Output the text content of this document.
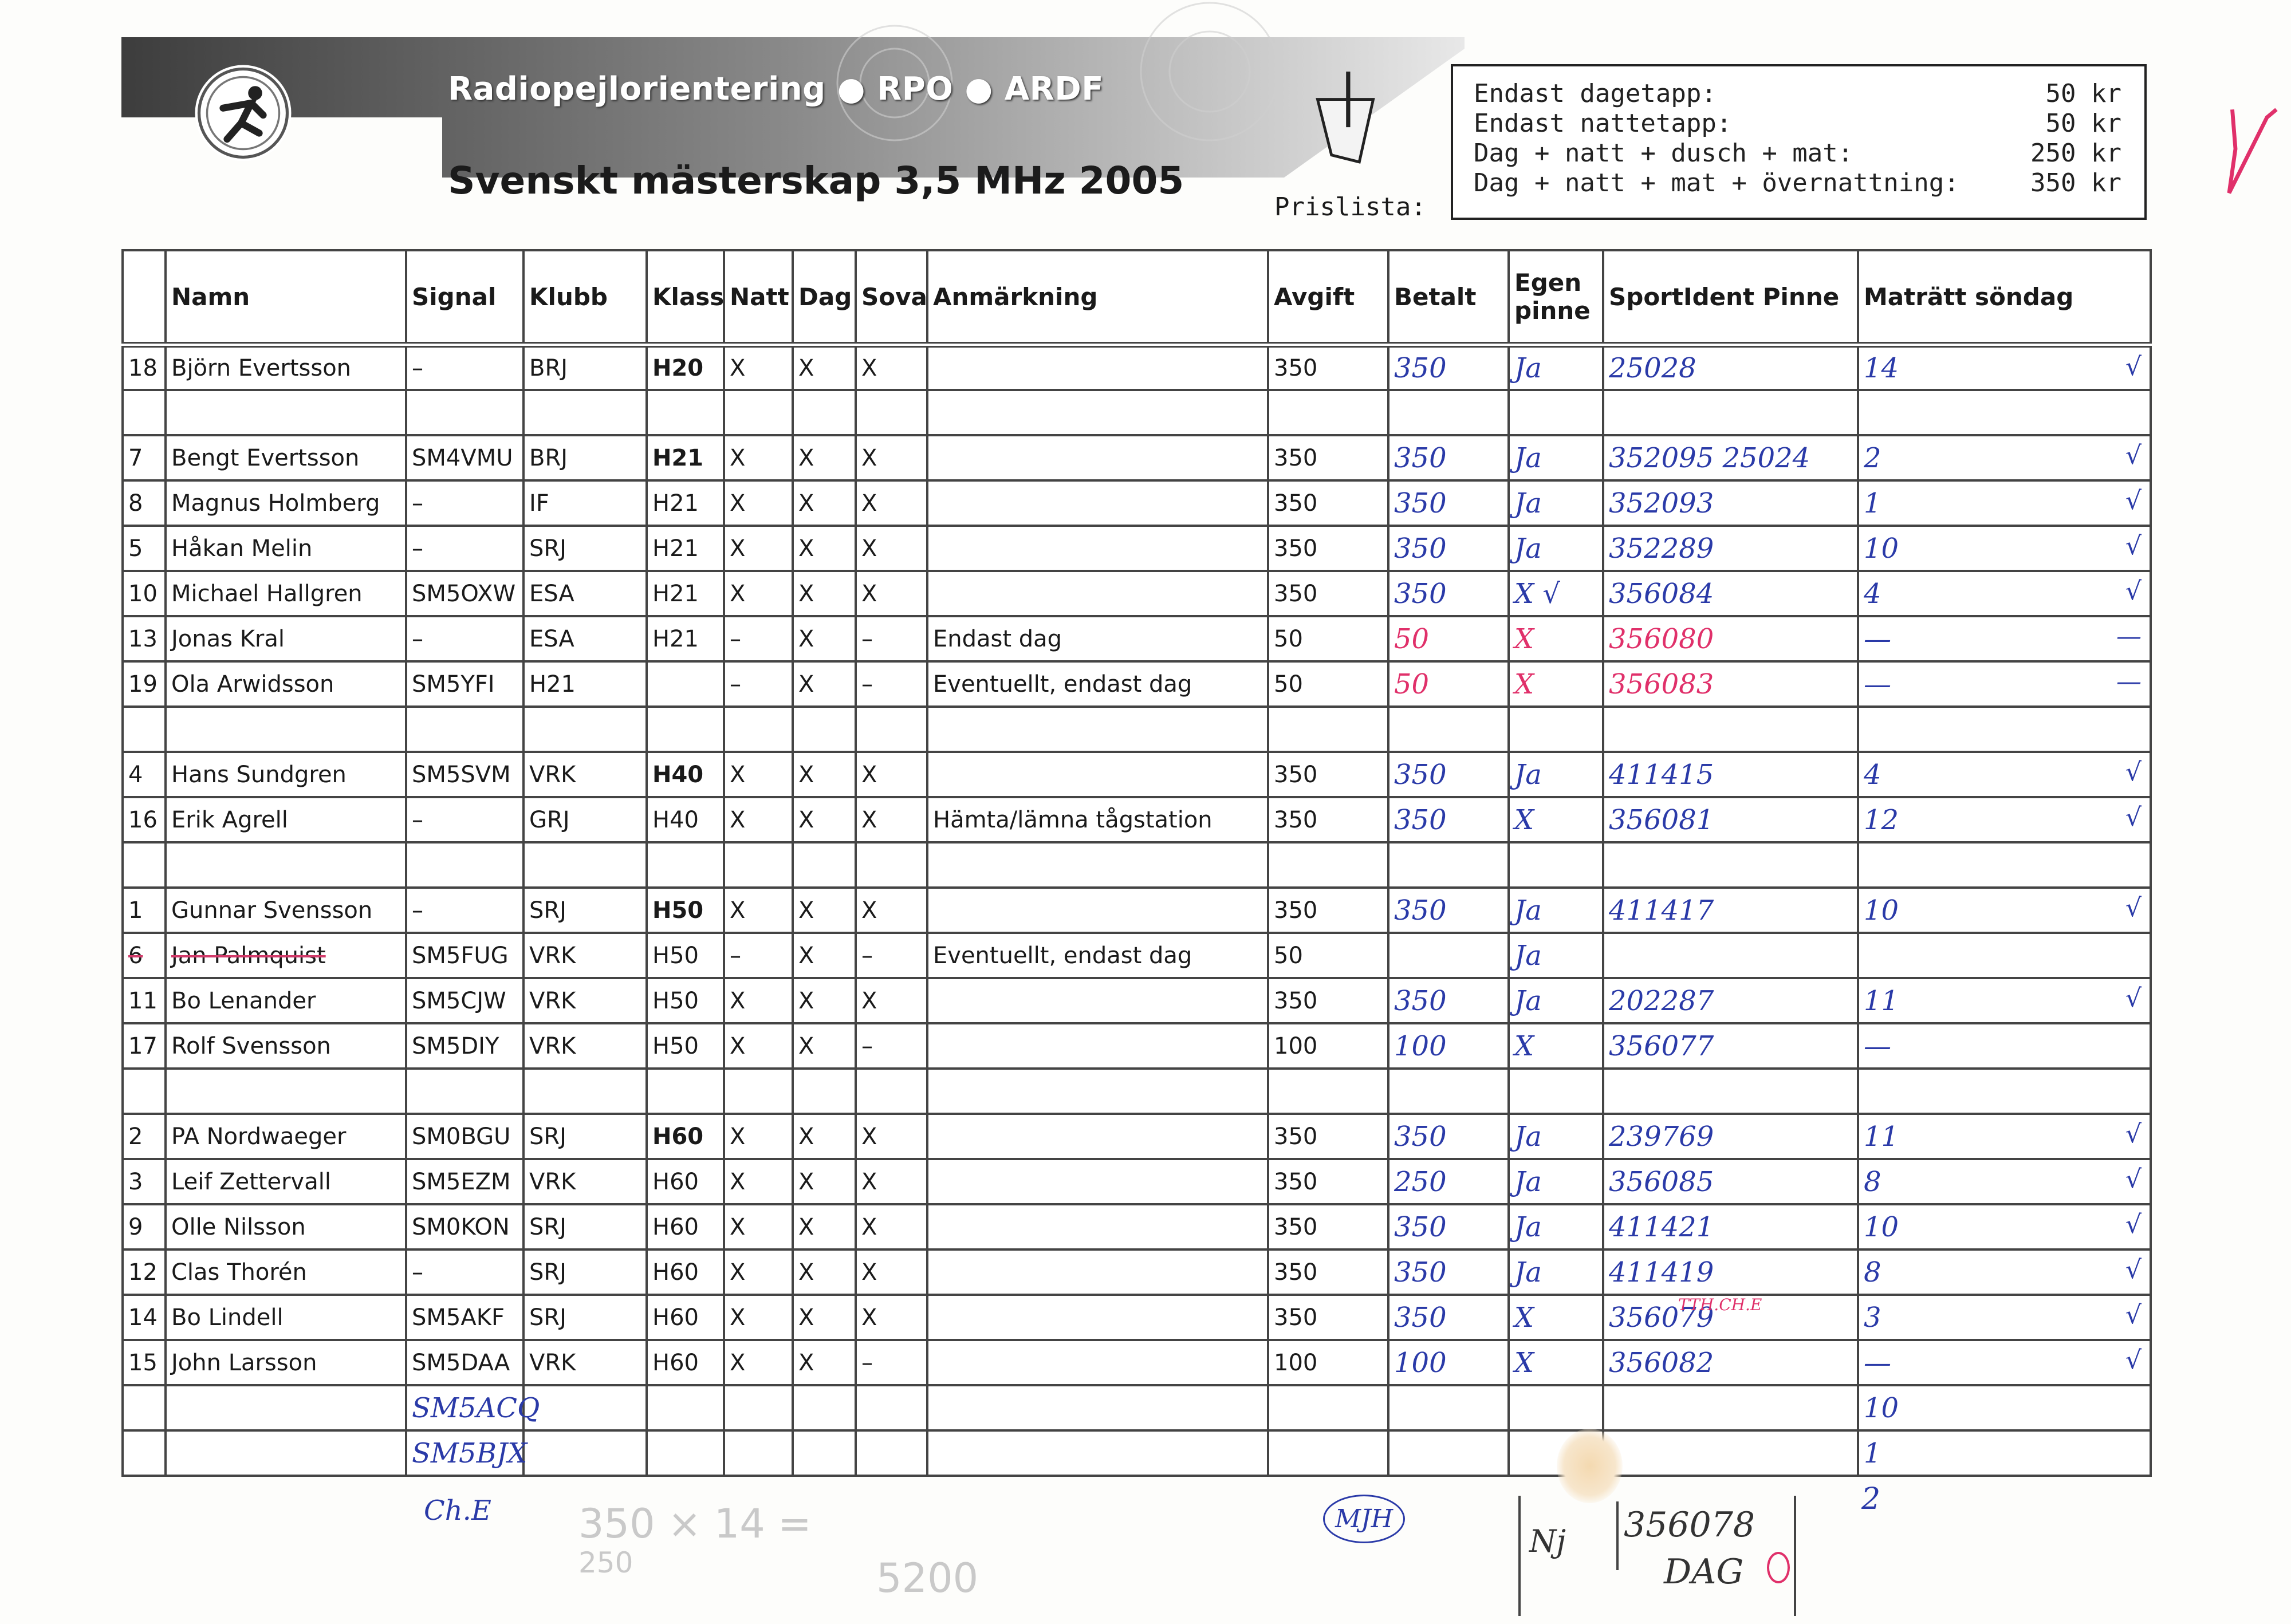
Radiopejlorientering ● RPO ● ARDF
Svenskt mästerskap 3,5 MHz 2005
Prislista:
Endast dagetapp:	50 kr
Endast nattetapp:	50 kr
Dag + natt + dusch + mat:	250 kr
Dag + natt + mat + övernattning:	350 kr
	Namn	Signal	Klubb	Klass	Natt	Dag	Sova	Anmärkning	Avgift	Betalt	Egen pinne	SportIdent Pinne	Maträtt söndag
18	Björn Evertsson	–	BRJ	H20	X	X	X		350	350	Ja	25028	14 √

7	Bengt Evertsson	SM4VMU	BRJ	H21	X	X	X		350	350	Ja	352095 25024	2 √

8	Magnus Holmberg	–	IF	H21	X	X	X		350	350	Ja	352093	1 √

5	Håkan Melin	–	SRJ	H21	X	X	X		350	350	Ja	352289	10 √

10	Michael Hallgren	SM5OXW	ESA	H21	X	X	X		350	350	X √	356084	4 √

13	Jonas Kral	–	ESA	H21	–	X	–	Endast dag	50	50	X	356080	— —

19	Ola Arwidsson	SM5YFI	H21		–	X	–	Eventuellt, endast dag	50	50	X	356083	— —

4	Hans Sundgren	SM5SVM	VRK	H40	X	X	X		350	350	Ja	411415	4 √

16	Erik Agrell	–	GRJ	H40	X	X	X	Hämta/lämna tågstation	350	350	X	356081	12 √

1	Gunnar Svensson	–	SRJ	H50	X	X	X		350	350	Ja	411417	10 √

6	Jan Palmquist	SM5FUG	VRK	H50	–	X	–	Eventuellt, endast dag	50		Ja		
11	Bo Lenander	SM5CJW	VRK	H50	X	X	X		350	350	Ja	202287	11 √

17	Rolf Svensson	SM5DIY	VRK	H50	X	X	–		100	100	X	356077	—

2	PA Nordwaeger	SM0BGU	SRJ	H60	X	X	X		350	350	Ja	239769	11 √

3	Leif Zettervall	SM5EZM	VRK	H60	X	X	X		350	250	Ja	356085	8 √

9	Olle Nilsson	SM0KON	SRJ	H60	X	X	X		350	350	Ja	411421	10 √

12	Clas Thorén	–	SRJ	H60	X	X	X		350	350	Ja	411419	8 √

14	Bo Lindell	SM5AKF	SRJ	H60	X	X	X		350	350	X	356079	3 √

15	John Larsson	SM5DAA	VRK	H60	X	X	–		100	100	X	356082	— √

		SM5ACQ											10
		SM5BJX											1
Ch.E	2
TTH.CH.E
MJH
350 × 14 =
250	5200
Nj 356078
DAG
